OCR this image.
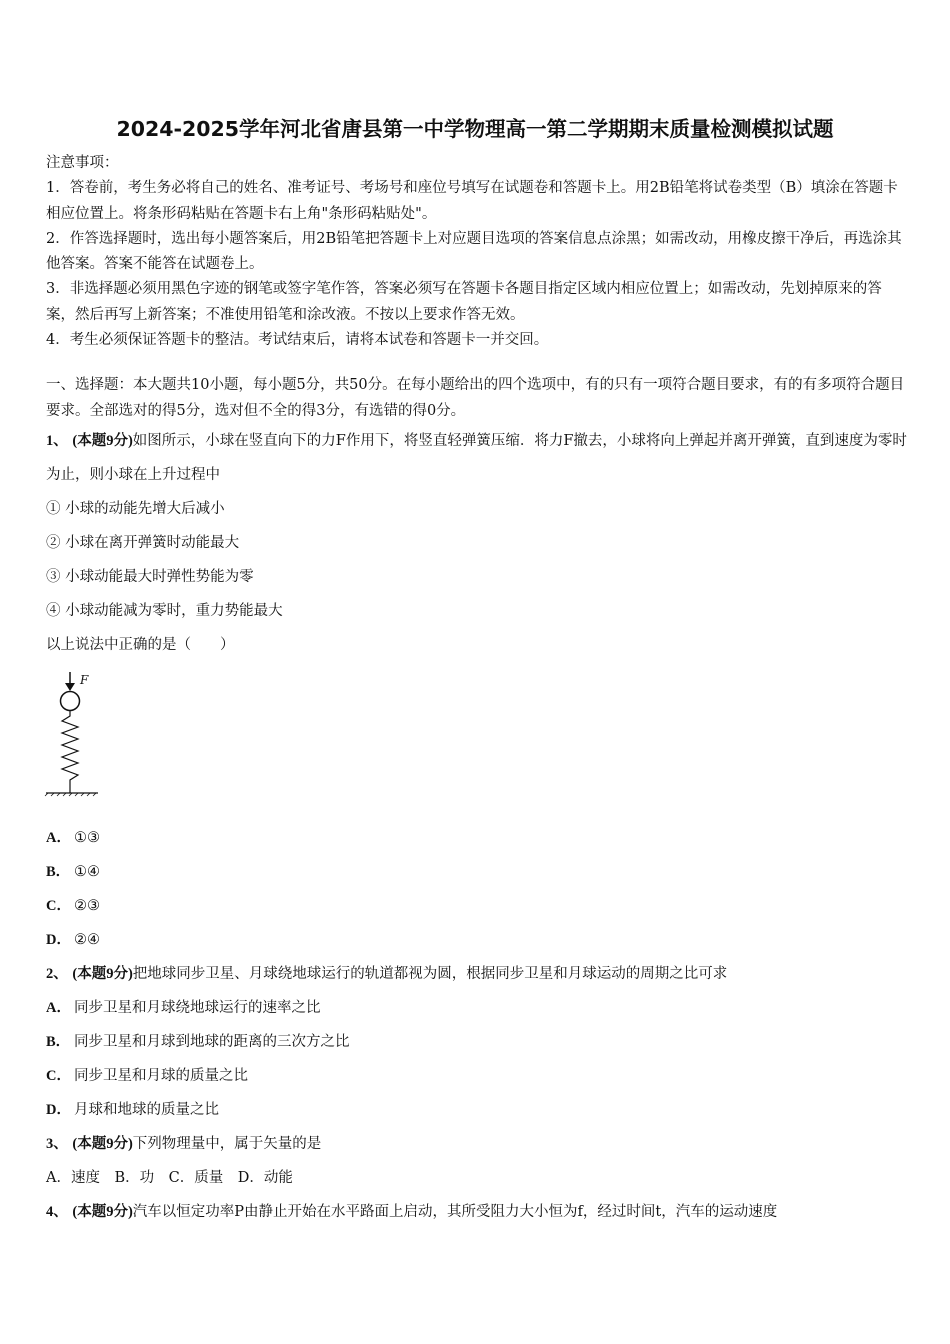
2024-2025学年河北省唐县第一中学物理高一第二学期期末质量检测模拟试题

注意事项：

1．答卷前，考生务必将自己的姓名、准考证号、考场号和座位号填写在试题卷和答题卡上。用2B铅笔将试卷类型（B）填涂在答题卡相应位置上。将条形码粘贴在答题卡右上角"条形码粘贴处"。

2．作答选择题时，选出每小题答案后，用2B铅笔把答题卡上对应题目选项的答案信息点涂黑；如需改动，用橡皮擦干净后，再选涂其他答案。答案不能答在试题卷上。

3．非选择题必须用黑色字迹的钢笔或签字笔作答，答案必须写在答题卡各题目指定区域内相应位置上；如需改动，先划掉原来的答案，然后再写上新答案；不准使用铅笔和涂改液。不按以上要求作答无效。

4．考生必须保证答题卡的整洁。考试结束后，请将本试卷和答题卡一并交回。

一、选择题：本大题共10小题，每小题5分，共50分。在每小题给出的四个选项中，有的只有一项符合题目要求，有的有多项符合题目要求。全部选对的得5分，选对但不全的得3分，有选错的得0分。

1、 (本题9分)如图所示，小球在竖直向下的力F作用下，将竖直轻弹簧压缩．将力F撤去，小球将向上弹起并离开弹簧，直到速度为零时为止，则小球在上升过程中

① 小球的动能先增大后减小
② 小球在离开弹簧时动能最大
③ 小球动能最大时弹性势能为零
④ 小球动能减为零时，重力势能最大
以上说法中正确的是（　　）
F
A． ①③
B． ①④
C． ②③
D． ②④
2、 (本题9分)把地球同步卫星、月球绕地球运行的轨道都视为圆，根据同步卫星和月球运动的周期之比可求
A． 同步卫星和月球绕地球运行的速率之比
B． 同步卫星和月球到地球的距离的三次方之比
C． 同步卫星和月球的质量之比
D． 月球和地球的质量之比
3、 (本题9分)下列物理量中，属于矢量的是
A．速度　B．功　C．质量　D．动能
4、 (本题9分)汽车以恒定功率P由静止开始在水平路面上启动，其所受阻力大小恒为f，经过时间t，汽车的运动速度
